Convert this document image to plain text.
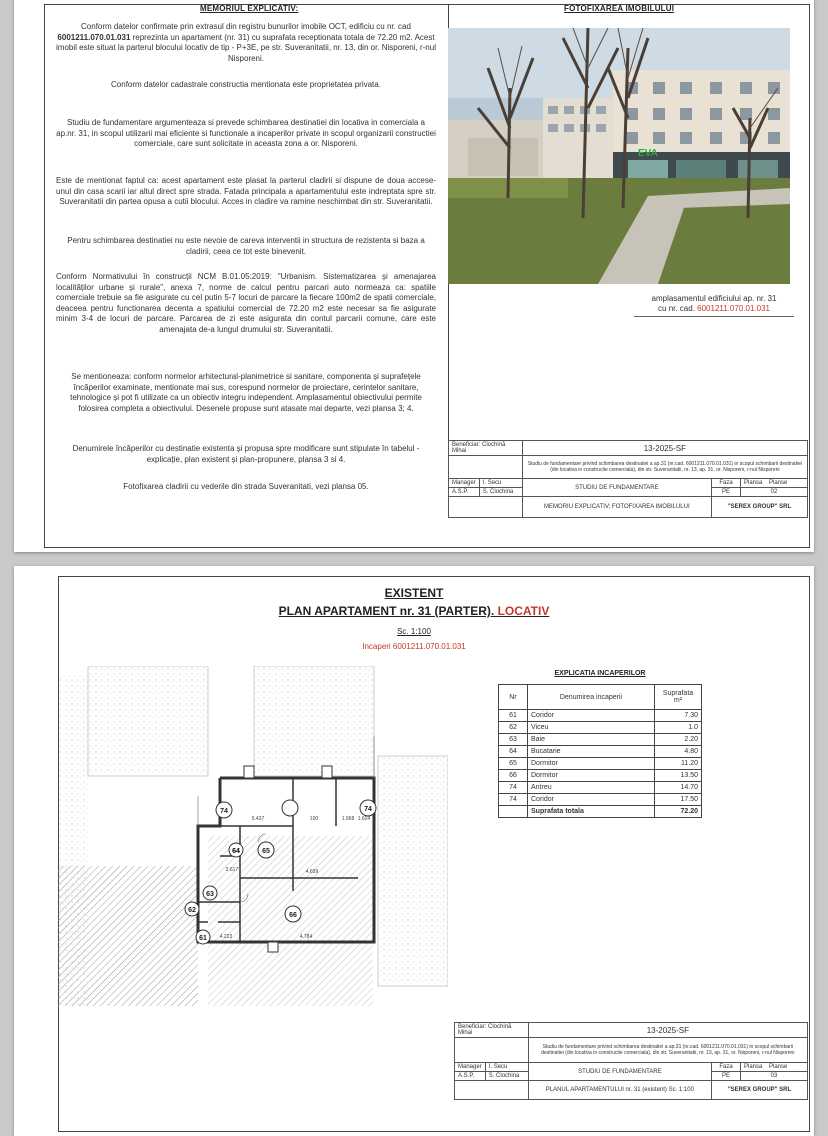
MEMORIUL EXPLICATIV:	FOTOFIXAREA IMOBILULUI
Conform datelor confirmate prin extrasul din registru bunurilor imobile OCT, edificiu cu nr. cad 6001211.070.01.031 reprezinta un apartament (nr. 31) cu suprafata receptionata totala de 72.20 m2. Acest imobil este situat la parterul blocului locativ de tip - P+3E, pe str. Suveranitatii, nr. 13, din or. Nisporeni, r-nul Nisporeni.
Conform datelor cadastrale constructia mentionata este proprietatea privata.
Studiu de fundamentare argumenteaza si prevede schimbarea destinatiei din locativa in comerciala a ap.nr. 31, in scopul utilizarii mai eficiente si functionale a incaperilor private in scopul organizarii constructiei comerciale, care sunt solicitate in aceasta zona a or. Nisporeni.
Este de mentionat faptul ca: acest apartament este plasat la parterul cladirii si dispune de doua accese-unul din casa scarii iar altul direct spre strada. Fatada principala a apartamentului este indreptata spre str. Suveranitatii din partea opusa a cutii blocului. Acces in cladire va ramine neschimbat din str. Suveranitatii.
Pentru schimbarea destinatiei nu este nevoie de careva interventii in structura de rezistenta si baza a cladirii, ceea ce tot este binevenit.
Conform Normativului în construcții NCM B.01.05:2019: "Urbanism. Sistematizarea și amenajarea localităților urbane și rurale", anexa 7, norme de calcul pentru parcari auto normeaza ca: spatiile comerciale trebuie sa fie asigurate cu cel putin 5-7 locuri de parcare la fiecare 100m2 de spatii comerciale, deaceea pentru functionarea decenta a spatiului comercial de 72.20 m2 este necesar sa fie asigurate minim 3-4 de locuri de parcare. Parcarea de zi este asigurata din contul parcarii comune, care este amenajata de-a lungul drumului str. Suveranitatii.
Se mentioneaza: conform normelor arhitectural-planimetrice si sanitare, componenta și suprafețele încăperilor examinate, mentionate mai sus, corespund normelor de proiectare, cerintelor sanitare, tehnologice și pot fi utilizate ca un obiectiv integru independent. Amplasamentul obiectivului permite folosirea completa a obiectivului. Desenele propuse sunt atasate mai departe, vezi plansa 3; 4.
Denumirele încăperilor cu destinatie existenta și propusa spre modificare sunt stipulate în tabelul - explicație, plan existent și plan-propunere, plansa 3 si 4.
Fotofixarea cladirii cu vederile din strada Suveranitati, vezi plansa 05.
EVA
amplasamentul edificiului ap. nr. 31
cu nr. cad. 6001211.070.01.031
Beneficiar: Clochină Mihai		13-2025-SF		
		Studiu de fundamentare privind schimbarea destinatiei a ap.31 (nr.cad. 6001211.070.01.031) in scopul schimbarii destinatiei (din locativa in constructie comerciala), din str. Suveranitatii, nr. 13, ap. 31, or. Nisporeni, r-nul Nisporeni		
Manager	I. Secu	STUDIU DE FUNDAMENTARE	Faza	Plansa Planse
A.S.P.	S. Clochina		PE	02
		MEMORIU EXPLICATIV; FOTOFIXAREA IMOBILULUI	"SEREX GROUP" SRL	
EXISTENT
PLAN APARTAMENT nr. 31 (PARTER). LOCATIV
Sc. 1:100
Incaperi 6001211.070.01.031
EXPLICATIA INCAPERILOR
Nr	Denumirea incaperii	Suprafata m²
61	Coridor	7.30
62	Viceu	1.0
63	Baie	2.20
64	Bucatarie	4.80
65	Dormitor	11.20
66	Dormitor	13.50
74	Antreu	14.70
74	Coridor	17.50
	Suprafata totala	72.20
74	74
65
63
62
61
66
64
5.437	100	1.968 1.604
2.617	4.659
4.223	4.784
Beneficiar: Clochină Mihai		13-2025-SF		
		Studiu de fundamentare privind schimbarea destinatiei a ap.31 (nr.cad. 6001211.070.01.031) in scopul schimbarii destinatiei (din locativa in constructie comerciala), din str. Suveranitatii, nr. 13, ap. 31, or. Nisporeni, r-nul Nisporeni		
Manager	I. Secu	STUDIU DE FUNDAMENTARE	Faza	Plansa Planse
A.S.P.	S. Clochina		PE	03
		PLANUL APARTAMENTULUI nr. 31 (existent) Sc. 1:100	"SEREX GROUP" SRL	
